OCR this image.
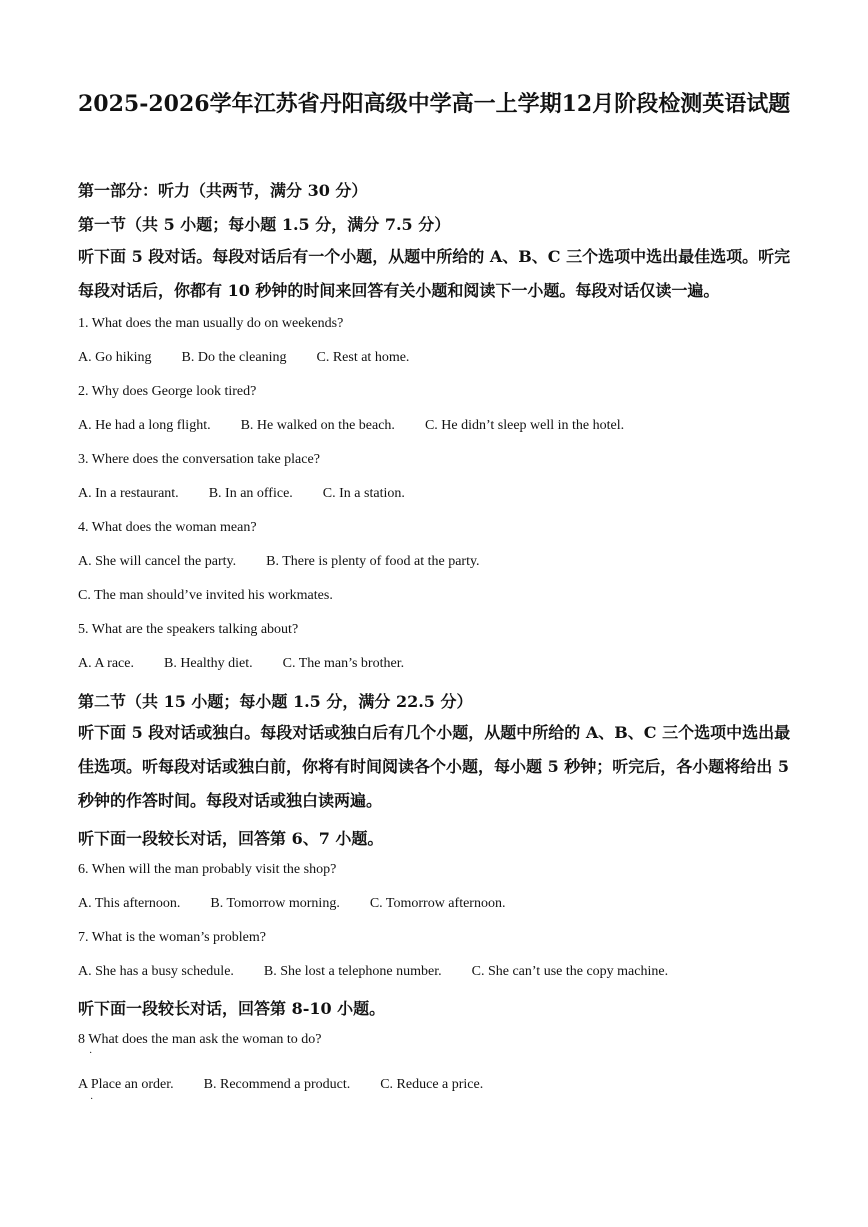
2025-2026学年江苏省丹阳高级中学高一上学期12月阶段检测英语试题
第一部分：听力（共两节，满分 30 分）
第一节（共 5 小题；每小题 1.5 分，满分 7.5 分）
听下面 5 段对话。每段对话后有一个小题，从题中所给的 A、B、C 三个选项中选出最佳选项。听完每段对话后，你都有 10 秒钟的时间来回答有关小题和阅读下一小题。每段对话仅读一遍。
1. What does the man usually do on weekends?
A. Go hiking B. Do the cleaning C. Rest at home.
2. Why does George look tired?
A. He had a long flight. B. He walked on the beach. C. He didn’t sleep well in the hotel.
3. Where does the conversation take place?
A. In a restaurant. B. In an office. C. In a station.
4. What does the woman mean?
A. She will cancel the party. B. There is plenty of food at the party.
C. The man should’ve invited his workmates.
5. What are the speakers talking about?
A. A race. B. Healthy diet. C. The man’s brother.
第二节（共 15 小题；每小题 1.5 分，满分 22.5 分）
听下面 5 段对话或独白。每段对话或独白后有几个小题，从题中所给的 A、B、C 三个选项中选出最佳选项。听每段对话或独白前，你将有时间阅读各个小题，每小题 5 秒钟；听完后，各小题将给出 5 秒钟的作答时间。每段对话或独白读两遍。
听下面一段较长对话，回答第 6、7 小题。
6. When will the man probably visit the shop?
A. This afternoon. B. Tomorrow morning. C. Tomorrow afternoon.
7. What is the woman’s problem?
A. She has a busy schedule. B. She lost a telephone number. C. She can’t use the copy machine.
听下面一段较长对话，回答第 8-10 小题。
8 What does the man ask the woman to do?
·
A Place an order. B. Recommend a product. C. Reduce a price.
·
